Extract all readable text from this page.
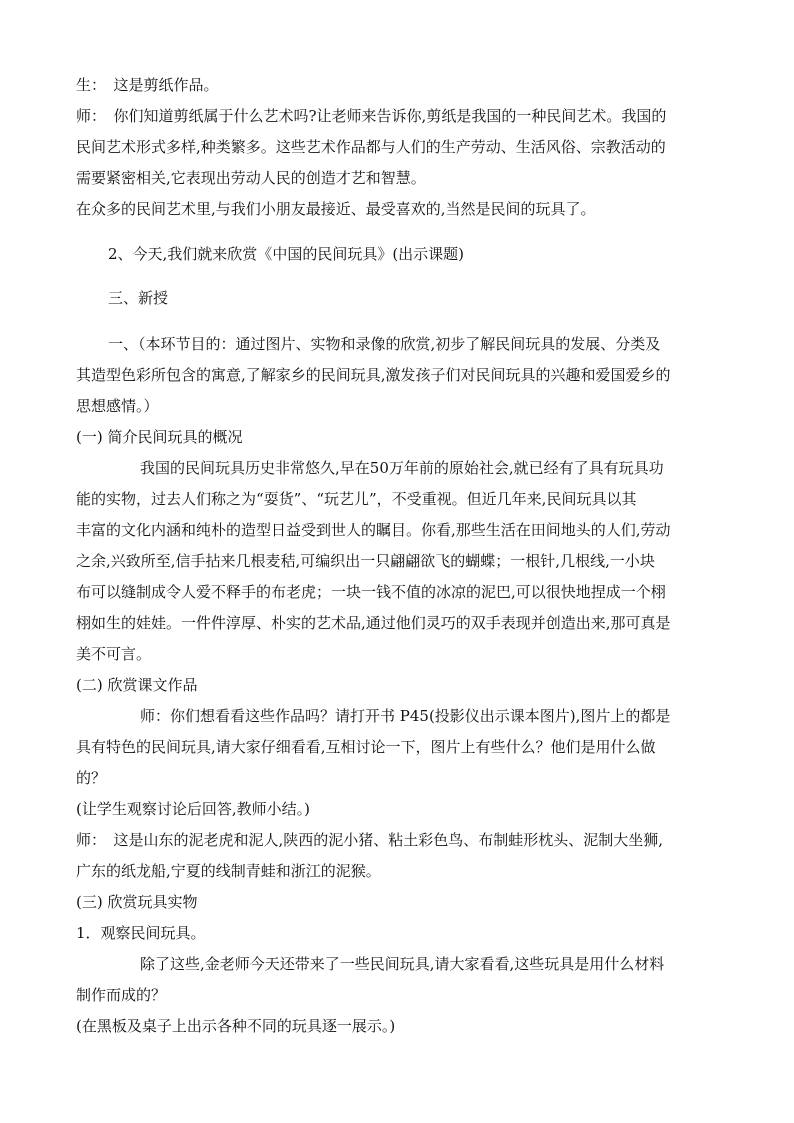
生：　这是剪纸作品。
师：　你们知道剪纸属于什么艺术吗?让老师来告诉你,剪纸是我国的一种民间艺术。我国的
民间艺术形式多样,种类繁多。这些艺术作品都与人们的生产劳动、生活风俗、宗教活动的
需要紧密相关,它表现出劳动人民的创造才艺和智慧。
在众多的民间艺术里,与我们小朋友最接近、最受喜欢的,当然是民间的玩具了。
2、今天,我们就来欣赏《中国的民间玩具》(出示课题)
三、新授
一、（本环节目的：通过图片、实物和录像的欣赏,初步了解民间玩具的发展、分类及
其造型色彩所包含的寓意,了解家乡的民间玩具,激发孩子们对民间玩具的兴趣和爱国爱乡的
思想感情。）
(一) 简介民间玩具的概况
我国的民间玩具历史非常悠久,早在50万年前的原始社会,就已经有了具有玩具功
能的实物，过去人们称之为“耍货”、“玩艺儿”，不受重视。但近几年来,民间玩具以其
丰富的文化内涵和纯朴的造型日益受到世人的瞩目。你看,那些生活在田间地头的人们,劳动
之余,兴致所至,信手拈来几根麦秸,可编织出一只翩翩欲飞的蝴蝶；一根针,几根线,一小块
布可以缝制成令人爱不释手的布老虎；一块一钱不值的冰凉的泥巴,可以很快地捏成一个栩
栩如生的娃娃。一件件淳厚、朴实的艺术品,通过他们灵巧的双手表现并创造出来,那可真是
美不可言。
(二) 欣赏课文作品
师：你们想看看这些作品吗？请打开书 P45(投影仪出示课本图片),图片上的都是
具有特色的民间玩具,请大家仔细看看,互相讨论一下，图片上有些什么？他们是用什么做
的？
(让学生观察讨论后回答,教师小结。)
师：　这是山东的泥老虎和泥人,陕西的泥小猪、粘土彩色鸟、布制蛙形枕头、泥制大坐狮,
广东的纸龙船,宁夏的线制青蛙和浙江的泥猴。
(三) 欣赏玩具实物
1．观察民间玩具。
除了这些,金老师今天还带来了一些民间玩具,请大家看看,这些玩具是用什么材料
制作而成的？
(在黑板及桌子上出示各种不同的玩具逐一展示。)
